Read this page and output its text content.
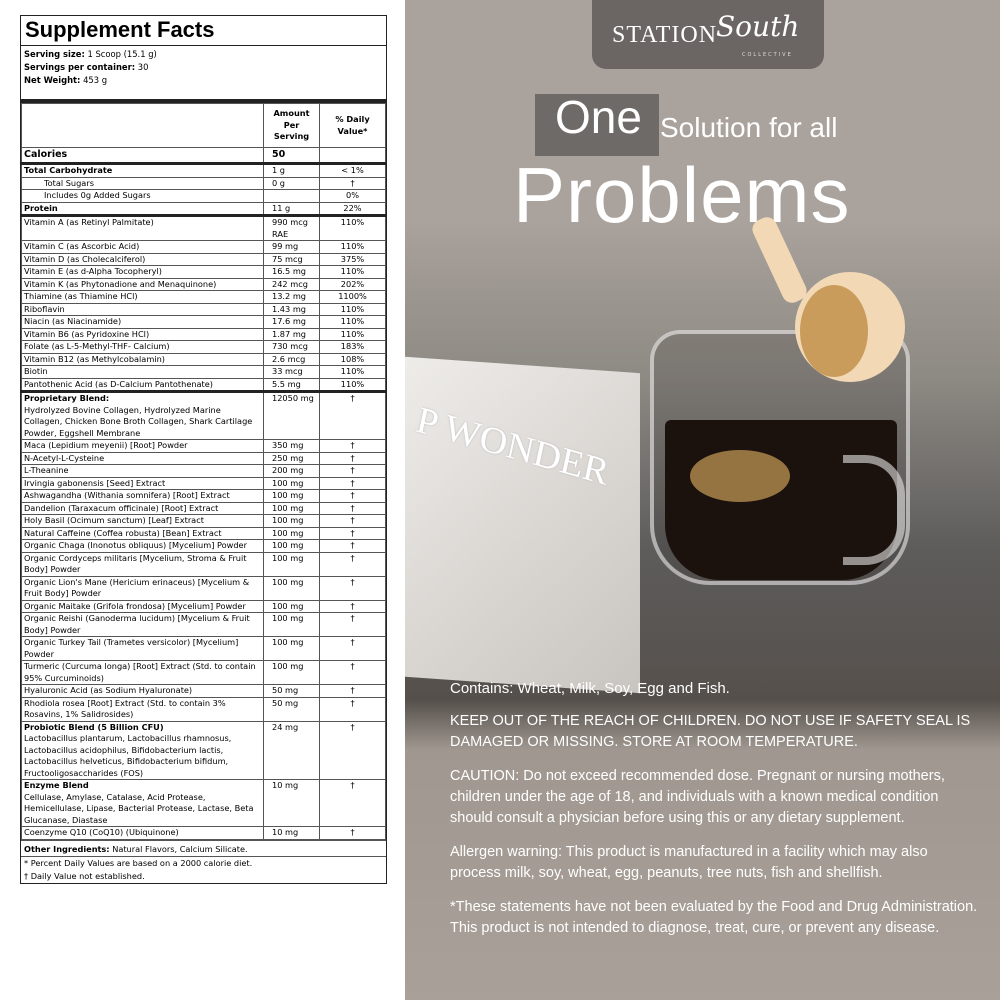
Supplement Facts
Serving size: 1 Scoop (15.1 g)
Servings per container: 30
Net Weight: 453 g
	Amount Per Serving	% Daily Value*
Calories	50	
Total Carbohydrate	1 g	< 1%
Total Sugars	0 g	†
Includes 0g Added Sugars		0%
Protein	11 g	22%
Vitamin A (as Retinyl Palmitate)	990 mcg RAE	110%
Vitamin C (as Ascorbic Acid)	99 mg	110%
Vitamin D (as Cholecalciferol)	75 mcg	375%
Vitamin E (as d-Alpha Tocopheryl)	16.5 mg	110%
Vitamin K (as Phytonadione and Menaquinone)	242 mcg	202%
Thiamine (as Thiamine HCl)	13.2 mg	1100%
Riboflavin	1.43 mg	110%
Niacin (as Niacinamide)	17.6 mg	110%
Vitamin B6 (as Pyridoxine HCl)	1.87 mg	110%
Folate (as L-5-Methyl-THF- Calcium)	730 mcg	183%
Vitamin B12 (as Methylcobalamin)	2.6 mcg	108%
Biotin	33 mcg	110%
Pantothenic Acid (as D-Calcium Pantothenate)	5.5 mg	110%

Proprietary Blend:
Hydrolyzed Bovine Collagen, Hydrolyzed Marine Collagen, Chicken Bone Broth Collagen, Shark Cartilage Powder, Eggshell Membrane	12050 mg	†
Maca (Lepidium meyenii) [Root] Powder	350 mg	†
N-Acetyl-L-Cysteine	250 mg	†
L-Theanine	200 mg	†
Irvingia gabonensis [Seed] Extract	100 mg	†
Ashwagandha (Withania somnifera) [Root] Extract	100 mg	†
Dandelion (Taraxacum officinale) [Root] Extract	100 mg	†
Holy Basil (Ocimum sanctum) [Leaf] Extract	100 mg	†
Natural Caffeine (Coffea robusta) [Bean] Extract	100 mg	†
Organic Chaga (Inonotus obliquus) [Mycelium] Powder	100 mg	†
Organic Cordyceps militaris [Mycelium, Stroma & Fruit Body] Powder	100 mg	†
Organic Lion's Mane (Hericium erinaceus) [Mycelium & Fruit Body] Powder	100 mg	†
Organic Maitake (Grifola frondosa) [Mycelium] Powder	100 mg	†
Organic Reishi (Ganoderma lucidum) [Mycelium & Fruit Body] Powder	100 mg	†
Organic Turkey Tail (Trametes versicolor) [Mycelium] Powder	100 mg	†
Turmeric (Curcuma longa) [Root] Extract (Std. to contain 95% Curcuminoids)	100 mg	†
Hyaluronic Acid (as Sodium Hyaluronate)	50 mg	†
Rhodiola rosea [Root] Extract (Std. to contain 3% Rosavins, 1% Salidrosides)	50 mg	†

Probiotic Blend (5 Billion CFU)
Lactobacillus plantarum, Lactobacillus rhamnosus, Lactobacillus acidophilus, Bifidobacterium lactis, Lactobacillus helveticus, Bifidobacterium bifidum, Fructooligosaccharides (FOS)	24 mg	†

Enzyme Blend
Cellulase, Amylase, Catalase, Acid Protease, Hemicellulase, Lipase, Bacterial Protease, Lactase, Beta Glucanase, Diastase	10 mg	†
Coenzyme Q10 (CoQ10) (Ubiquinone)	10 mg	†
Other Ingredients: Natural Flavors, Calcium Silicate.
* Percent Daily Values are based on a 2000 calorie diet.
† Daily Value not established.
STATION
South
COLLECTIVE
One Solution for all
Problems
P WONDER

Contains: Wheat, Milk, Soy, Egg and Fish.

KEEP OUT OF THE REACH OF CHILDREN. DO NOT USE IF SAFETY SEAL IS DAMAGED OR MISSING. STORE AT ROOM TEMPERATURE.

CAUTION: Do not exceed recommended dose. Pregnant or nursing mothers, children under the age of 18, and individuals with a known medical condition should consult a physician before using this or any dietary supplement.

Allergen warning: This product is manufactured in a facility which may also process milk, soy, wheat, egg, peanuts, tree nuts, fish and shellfish.

*These statements have not been evaluated by the Food and Drug Administration. This product is not intended to diagnose, treat, cure, or prevent any disease.
